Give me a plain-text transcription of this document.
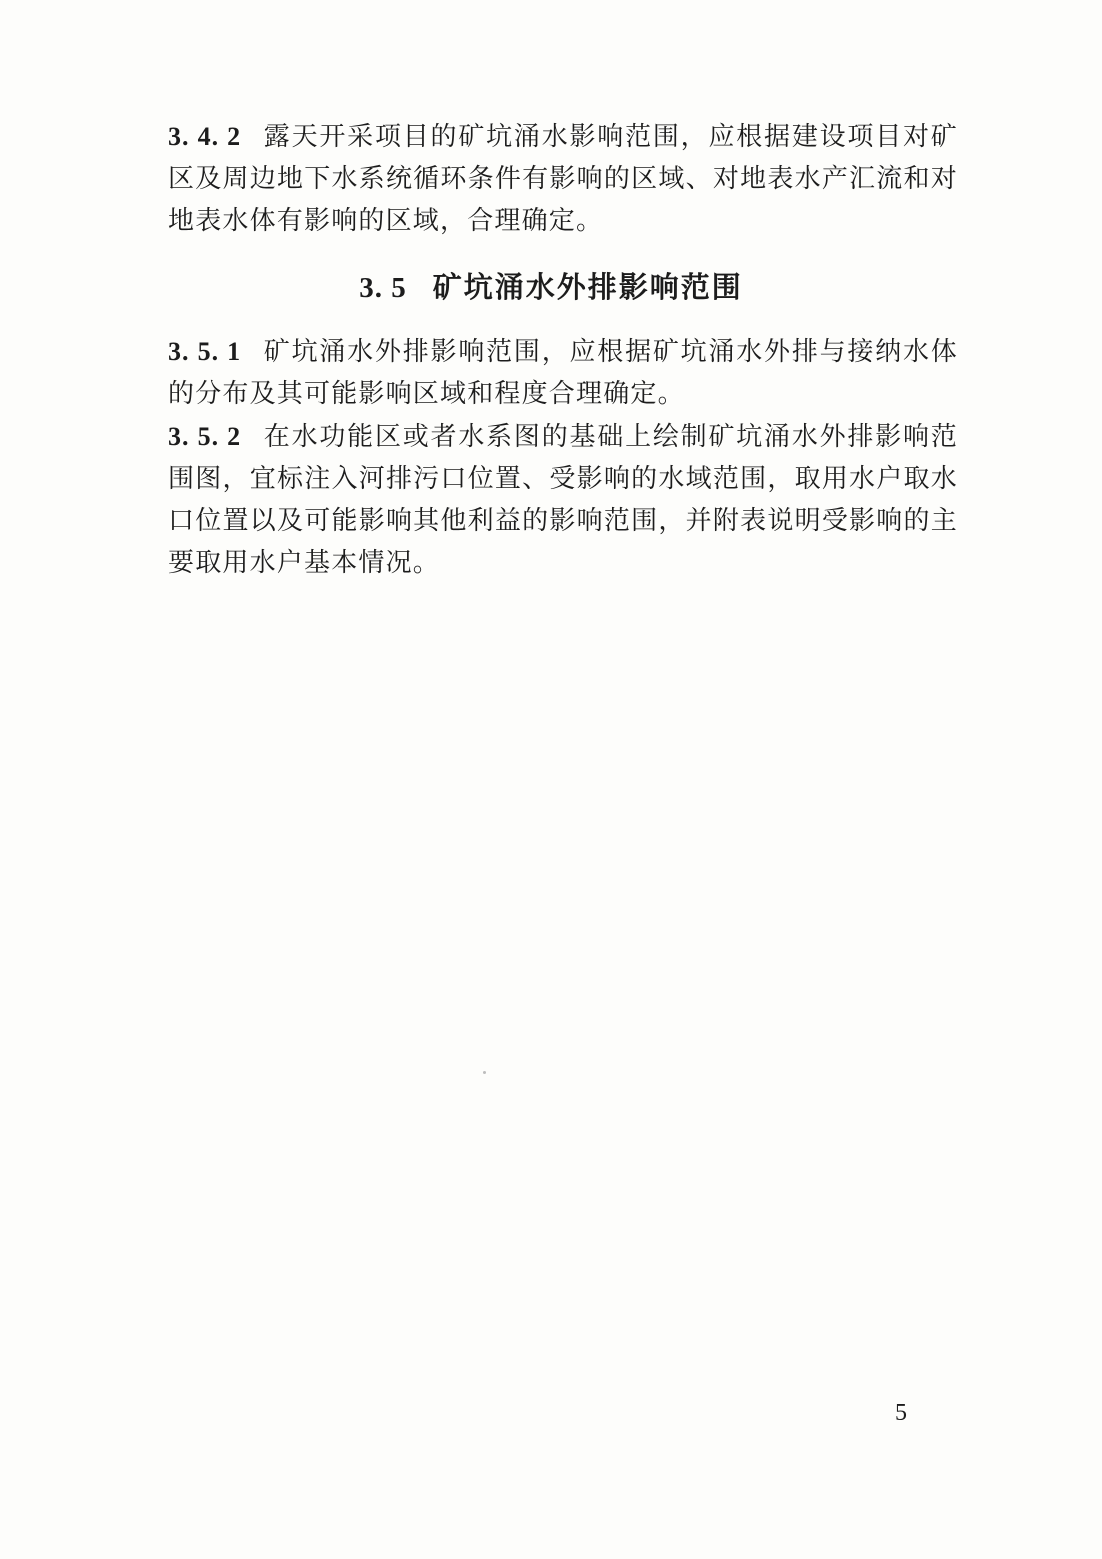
3. 4. 2 露天开采项目的矿坑涌水影响范围，应根据建设项目对矿区及周边地下水系统循环条件有影响的区域、对地表水产汇流和对地表水体有影响的区域，合理确定。
3. 5 矿坑涌水外排影响范围
3. 5. 1 矿坑涌水外排影响范围，应根据矿坑涌水外排与接纳水体的分布及其可能影响区域和程度合理确定。
3. 5. 2 在水功能区或者水系图的基础上绘制矿坑涌水外排影响范围图，宜标注入河排污口位置、受影响的水域范围，取用水户取水口位置以及可能影响其他利益的影响范围，并附表说明受影响的主要取用水户基本情况。
5
